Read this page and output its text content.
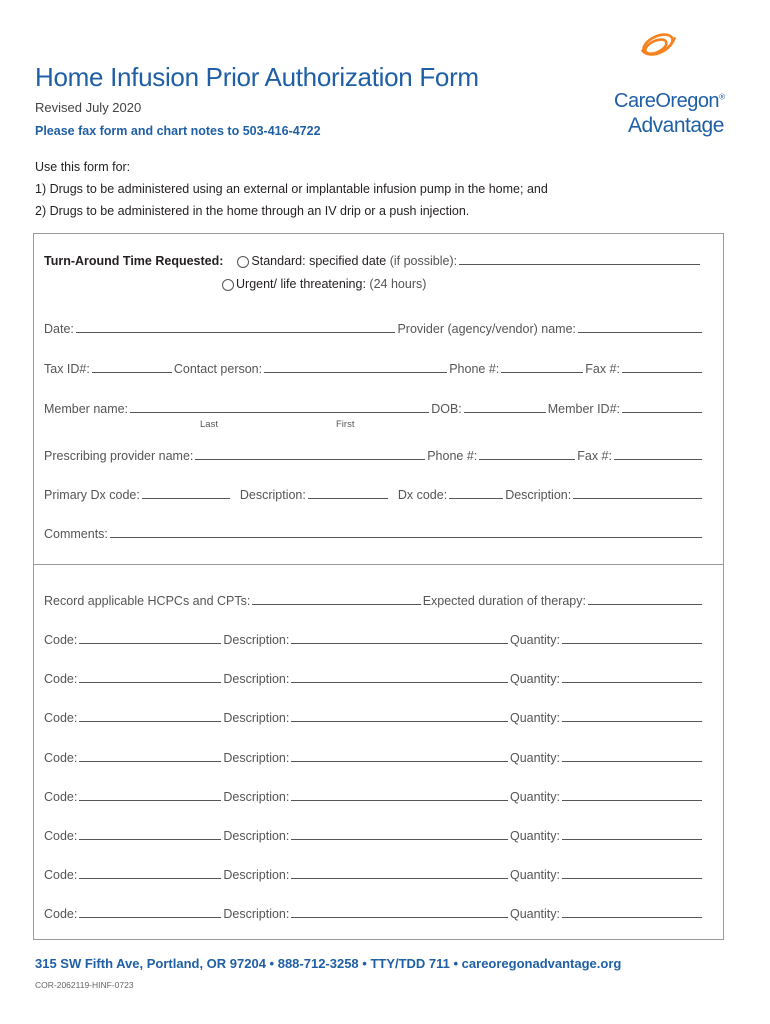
Home Infusion Prior Authorization Form
Revised July 2020
Please fax form and chart notes to 503-416-4722
Use this form for:
1) Drugs to be administered using an external or implantable infusion pump in the home; and
2) Drugs to be administered in the home through an IV drip or a push injection.
CareOregon®
Advantage
Turn-Around Time Requested: Standard: specified date (if possible):
Urgent/ life threatening: (24 hours)
Date:	Provider (agency/vendor) name:
Tax ID#:	Contact person:	Phone #:	Fax #:
Member name:	DOB:	Member ID#:
Last	First
Prescribing provider name:	Phone #:	Fax #:
Primary Dx code:	Description:	Dx code:	Description:
Comments:
Record applicable HCPCs and CPTs:	Expected duration of therapy:
Code:	Description:	Quantity:
Code:	Description:	Quantity:
Code:	Description:	Quantity:
Code:	Description:	Quantity:
Code:	Description:	Quantity:
Code:	Description:	Quantity:
Code:	Description:	Quantity:
Code:	Description:	Quantity:
315 SW Fifth Ave, Portland, OR 97204 • 888-712-3258 • TTY/TDD 711 • careoregonadvantage.org
COR-2062119-HINF-0723
